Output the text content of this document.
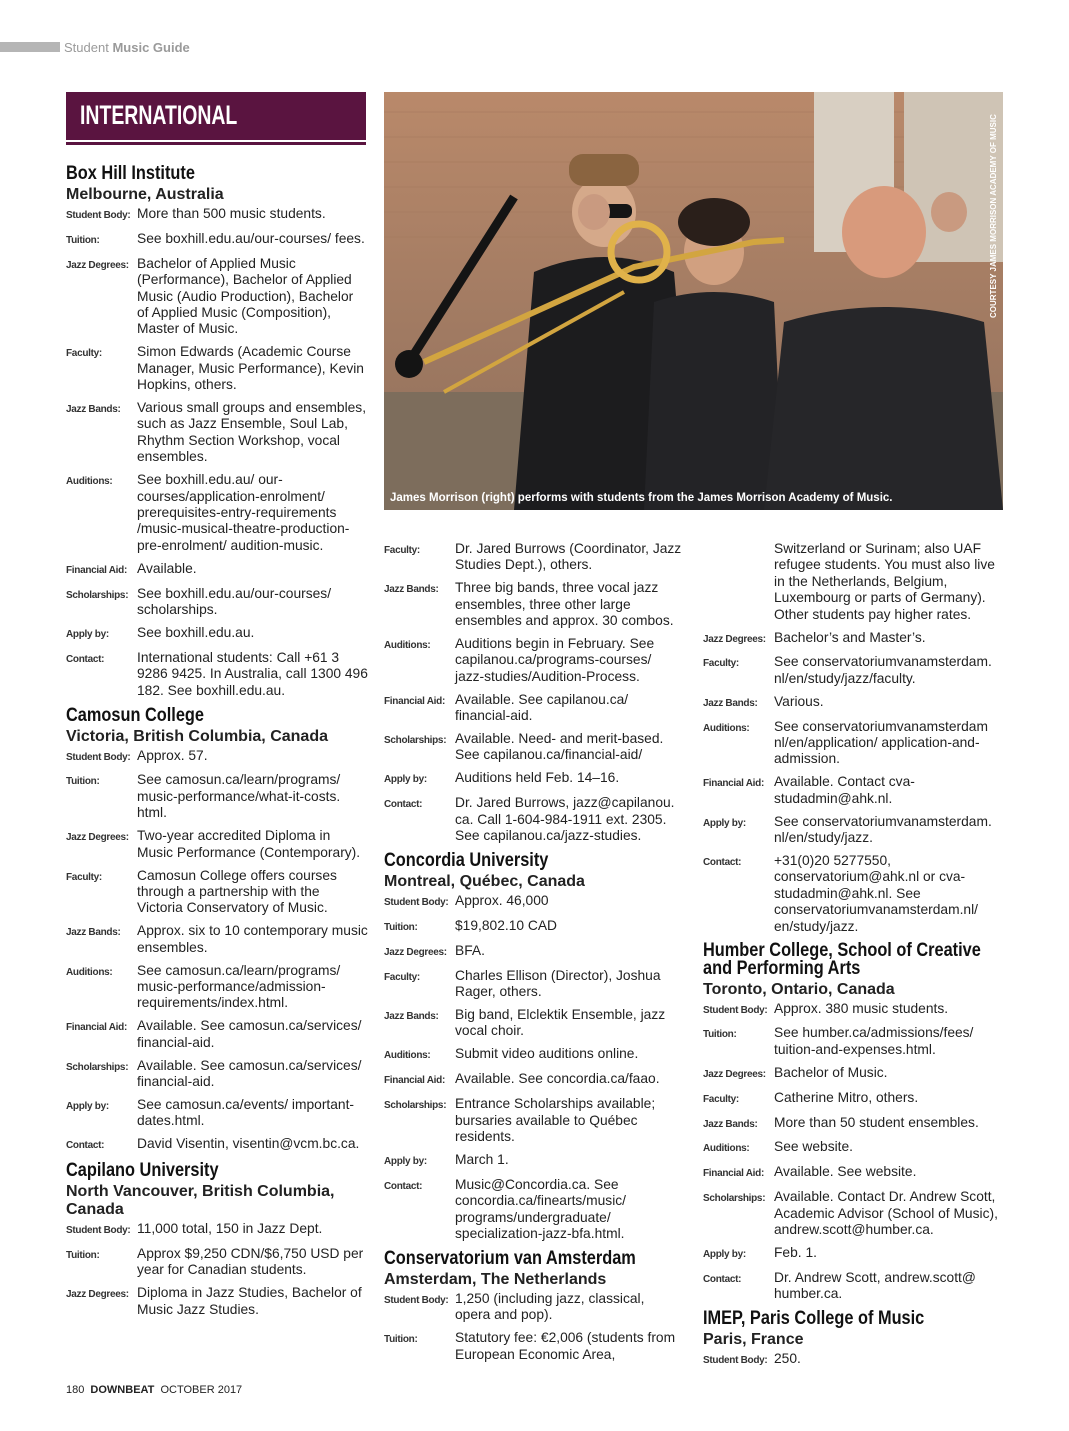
Student Music Guide
INTERNATIONAL
James Morrison (right) performs with students from the James Morrison Academy of Music.
COURTESY JAMES MORRISON ACADEMY OF MUSIC
Box Hill Institute
Melbourne, Australia
Student Body: More than 500 music students.
Tuition:	See boxhill.edu.au/our-courses/ fees.
Jazz Degrees: Bachelor of Applied Music (Performance), Bachelor of Applied Music (Audio Production), Bachelor of Applied Music (Composition), Master of Music.
Faculty:	Simon Edwards (Academic Course Manager, Music Performance), Kevin Hopkins, others.
Jazz Bands:	Various small groups and ensembles, such as Jazz Ensemble, Soul Lab, Rhythm Section Workshop, vocal ensembles.
Auditions:	See boxhill.edu.au/ our-courses/application-enrolment/ prerequisites-entry-requirements /music-musical-theatre-production-pre-enrolment/ audition-music.
Financial Aid: Available.
Scholarships: See boxhill.edu.au/our-courses/ scholarships.
Apply by:	See boxhill.edu.au.
Contact:	International students: Call +61 3 9286 9425. In Australia, call 1300 496 182. See boxhill.edu.au.
Camosun College
Victoria, British Columbia, Canada
Student Body: Approx. 57.
Tuition:	See camosun.ca/learn/programs/ music-performance/what-it-costs. html.
Jazz Degrees: Two-year accredited Diploma in Music Performance (Contemporary).
Faculty:	Camosun College offers courses through a partnership with the Victoria Conservatory of Music.
Jazz Bands:	Approx. six to 10 contemporary music ensembles.
Auditions:	See camosun.ca/learn/programs/ music-performance/admission-requirements/index.html.
Financial Aid: Available. See camosun.ca/services/ financial-aid.
Scholarships: Available. See camosun.ca/services/ financial-aid.
Apply by:	See camosun.ca/events/ important-dates.html.
Contact:	David Visentin, visentin@vcm.bc.ca.
Capilano University
North Vancouver, British Columbia, Canada
Student Body: 11,000 total, 150 in Jazz Dept.
Tuition:	Approx $9,250 CDN/$6,750 USD per year for Canadian students.
Jazz Degrees: Diploma in Jazz Studies, Bachelor of Music Jazz Studies.
Faculty:	Dr. Jared Burrows (Coordinator, Jazz Studies Dept.), others.
Jazz Bands:	Three big bands, three vocal jazz ensembles, three other large ensembles and approx. 30 combos.
Auditions:	Auditions begin in February. See capilanou.ca/programs-courses/ jazz-studies/Audition-Process.
Financial Aid: Available. See capilanou.ca/ financial-aid.
Scholarships: Available. Need- and merit-based. See capilanou.ca/financial-aid/
Apply by:	Auditions held Feb. 14–16.
Contact:	Dr. Jared Burrows, jazz@capilanou. ca. Call 1-604-984-1911 ext. 2305. See capilanou.ca/jazz-studies.
Concordia University
Montreal, Québec, Canada
Student Body: Approx. 46,000
Tuition:	$19,802.10 CAD
Jazz Degrees: BFA.
Faculty:	Charles Ellison (Director), Joshua Rager, others.
Jazz Bands:	Big band, Elclektik Ensemble, jazz vocal choir.
Auditions:	Submit video auditions online.
Financial Aid: Available. See concordia.ca/faao.
Scholarships: Entrance Scholarships available; bursaries available to Québec residents.
Apply by:	March 1.
Contact:	Music@Concordia.ca. See concordia.ca/finearts/music/ programs/undergraduate/ specialization-jazz-bfa.html.
Conservatorium van Amsterdam
Amsterdam, The Netherlands
Student Body: 1,250 (including jazz, classical, opera and pop).
Tuition:	Statutory fee: €2,006 (students from European Economic Area,
Switzerland or Surinam; also UAF refugee students. You must also live in the Netherlands, Belgium, Luxembourg or parts of Germany). Other students pay higher rates.
Jazz Degrees: Bachelor’s and Master’s.
Faculty:	See conservatoriumvanamsterdam. nl/en/study/jazz/faculty.
Jazz Bands:	Various.
Auditions:	See conservatoriumvanamsterdam nl/en/application/ application-and-admission.
Financial Aid: Available. Contact cva-studadmin@ahk.nl.
Apply by:	See conservatoriumvanamsterdam. nl/en/study/jazz.
Contact:	+31(0)20 5277550, conservatorium@ahk.nl or cva-studadmin@ahk.nl. See conservatoriumvanamsterdam.nl/ en/study/jazz.
Humber College, School of Creative and Performing Arts
Toronto, Ontario, Canada
Student Body: Approx. 380 music students.
Tuition:	See humber.ca/admissions/fees/ tuition-and-expenses.html.
Jazz Degrees: Bachelor of Music.
Faculty:	Catherine Mitro, others.
Jazz Bands:	More than 50 student ensembles.
Auditions:	See website.
Financial Aid: Available. See website.
Scholarships: Available. Contact Dr. Andrew Scott, Academic Advisor (School of Music), andrew.scott@humber.ca.
Apply by:	Feb. 1.
Contact:	Dr. Andrew Scott, andrew.scott@ humber.ca.
IMEP, Paris College of Music
Paris, France
Student Body: 250.
180 DOWNBEAT OCTOBER 2017
